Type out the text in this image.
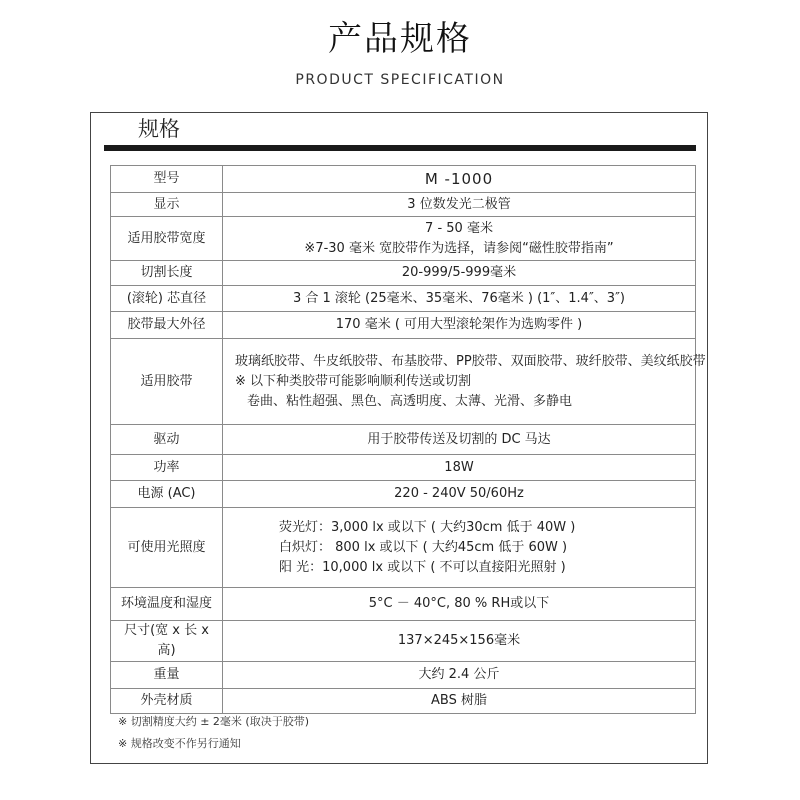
产品规格
PRODUCT SPECIFICATION
规格
型号	M -1000
显示	3 位数发光二极管
适用胶带宽度	7 - 50 毫米
※7-30 毫米 宽胶带作为选择，请参阅“磁性胶带指南”

切割长度	20-999/5-999毫米
(滚轮) 芯直径	3 合 1 滚轮 (25毫米、35毫米、76毫米 ) (1″、1.4″、3″)
胶带最大外径	170 毫米 ( 可用大型滚轮架作为选购零件 )
适用胶带	玻璃纸胶带、牛皮纸胶带、布基胶带、PP胶带、双面胶带、玻纤胶带、美纹纸胶带
※ 以下种类胶带可能影响顺利传送或切割
卷曲、粘性超强、黑色、高透明度、太薄、光滑、多静电

驱动	用于胶带传送及切割的 DC 马达
功率	18W
电源 (AC)	220 - 240V 50/60Hz
可使用光照度	荧光灯：3,000 lx 或以下 ( 大约30cm 低于 40W )
白炽灯： 800 lx 或以下 ( 大约45cm 低于 60W )
阳 光：10,000 lx 或以下 ( 不可以直接阳光照射 )

环境温度和湿度	5°C － 40°C, 80 % RH或以下
尺寸(宽 x 长 x 高)	137×245×156毫米
重量	大约 2.4 公斤
外壳材质	ABS 树脂
※ 切割精度大约 ± 2毫米 (取决于胶带)
※ 规格改变不作另行通知
